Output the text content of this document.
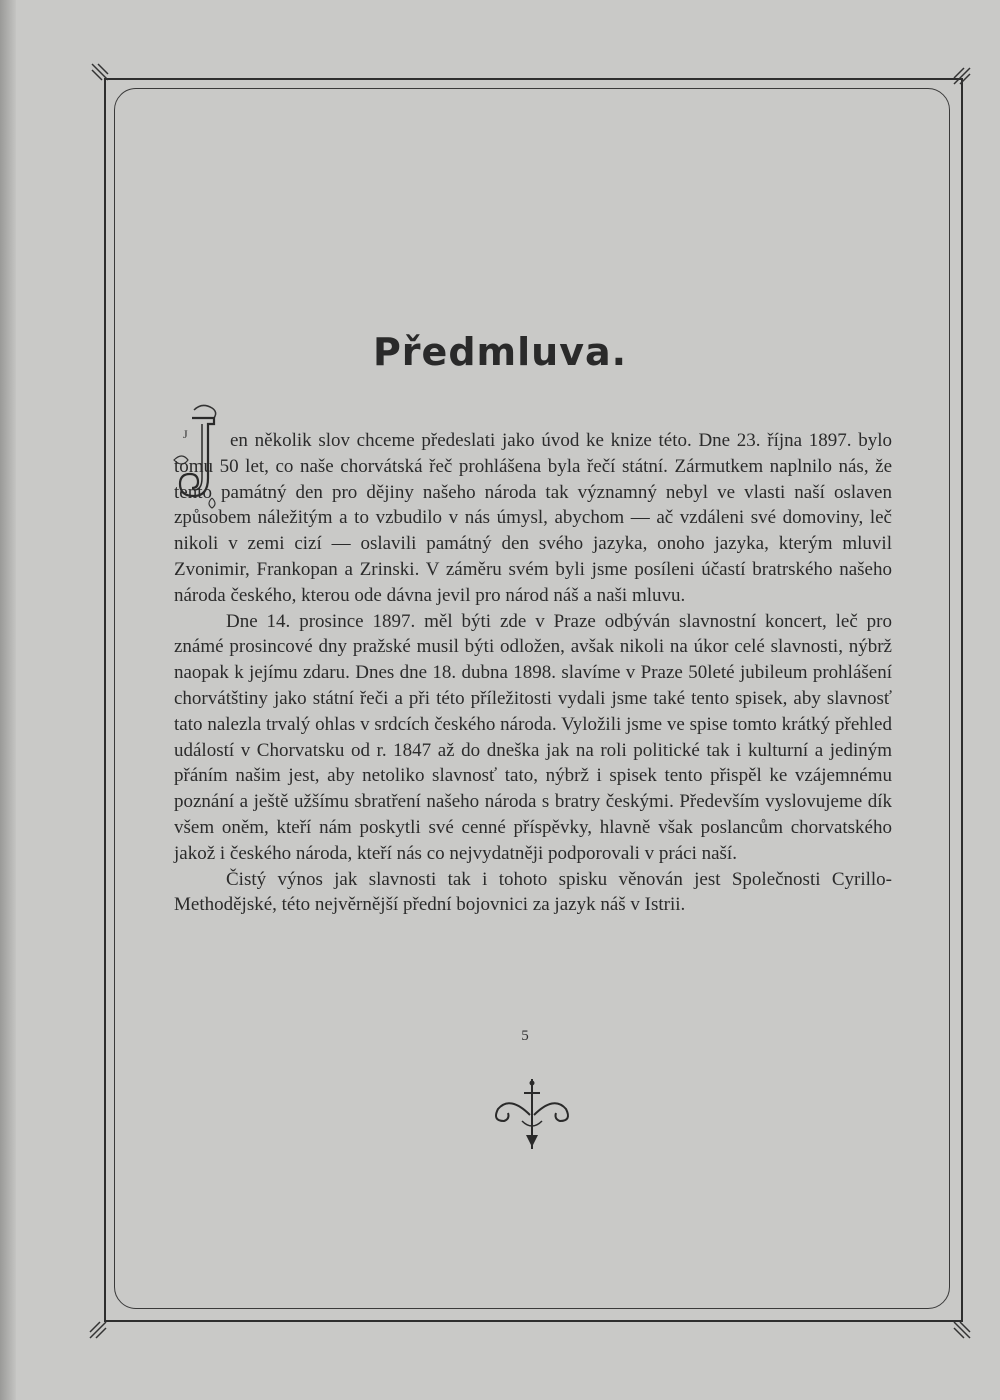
Předmluva.
J	en několik slov chceme předeslati jako úvod ke knize této. Dne 23. října 1897. bylo tomu 50 let, co naše chorvátská řeč prohlášena byla řečí státní. Zármutkem naplnilo nás, že tento památný den pro dějiny našeho národa tak významný nebyl ve vlasti naší oslaven způsobem náležitým a to vzbudilo v nás úmysl, abychom — ač vzdáleni své domoviny, leč nikoli v zemi cizí — oslavili památný den svého jazyka, onoho jazyka, kterým mluvil Zvonimir, Frankopan a Zrinski. V záměru svém byli jsme posíleni účastí bratrského našeho národa českého, kterou ode dávna jevil pro národ náš a naši mluvu.

Dne 14. prosince 1897. měl býti zde v Praze odbýván slavnostní koncert, leč pro známé prosincové dny pražské musil býti odložen, avšak nikoli na úkor celé slavnosti, nýbrž naopak k jejímu zdaru. Dnes dne 18. dubna 1898. slavíme v Praze 50leté jubileum prohlášení chorvátštiny jako státní řeči a při této příležitosti vydali jsme také tento spisek, aby slavnosť tato nalezla trvalý ohlas v srdcích českého národa. Vyložili jsme ve spise tomto krátký přehled událostí v Chorvatsku od r. 1847 až do dneška jak na roli politické tak i kulturní a jediným přáním našim jest, aby netoliko slavnosť tato, nýbrž i spisek tento přispěl ke vzájemnému poznání a ještě užšímu sbratření našeho národa s bratry českými. Především vyslovujeme dík všem oněm, kteří nám poskytli své cenné příspěvky, hlavně však poslancům chorvatského jakož i českého národa, kteří nás co nejvydatněji podporovali v práci naší.

Čistý výnos jak slavnosti tak i tohoto spisku věnován jest Společnosti Cyrillo-Methodějské, této nejvěrnější přední bojovnici za jazyk náš v Istrii.

5
